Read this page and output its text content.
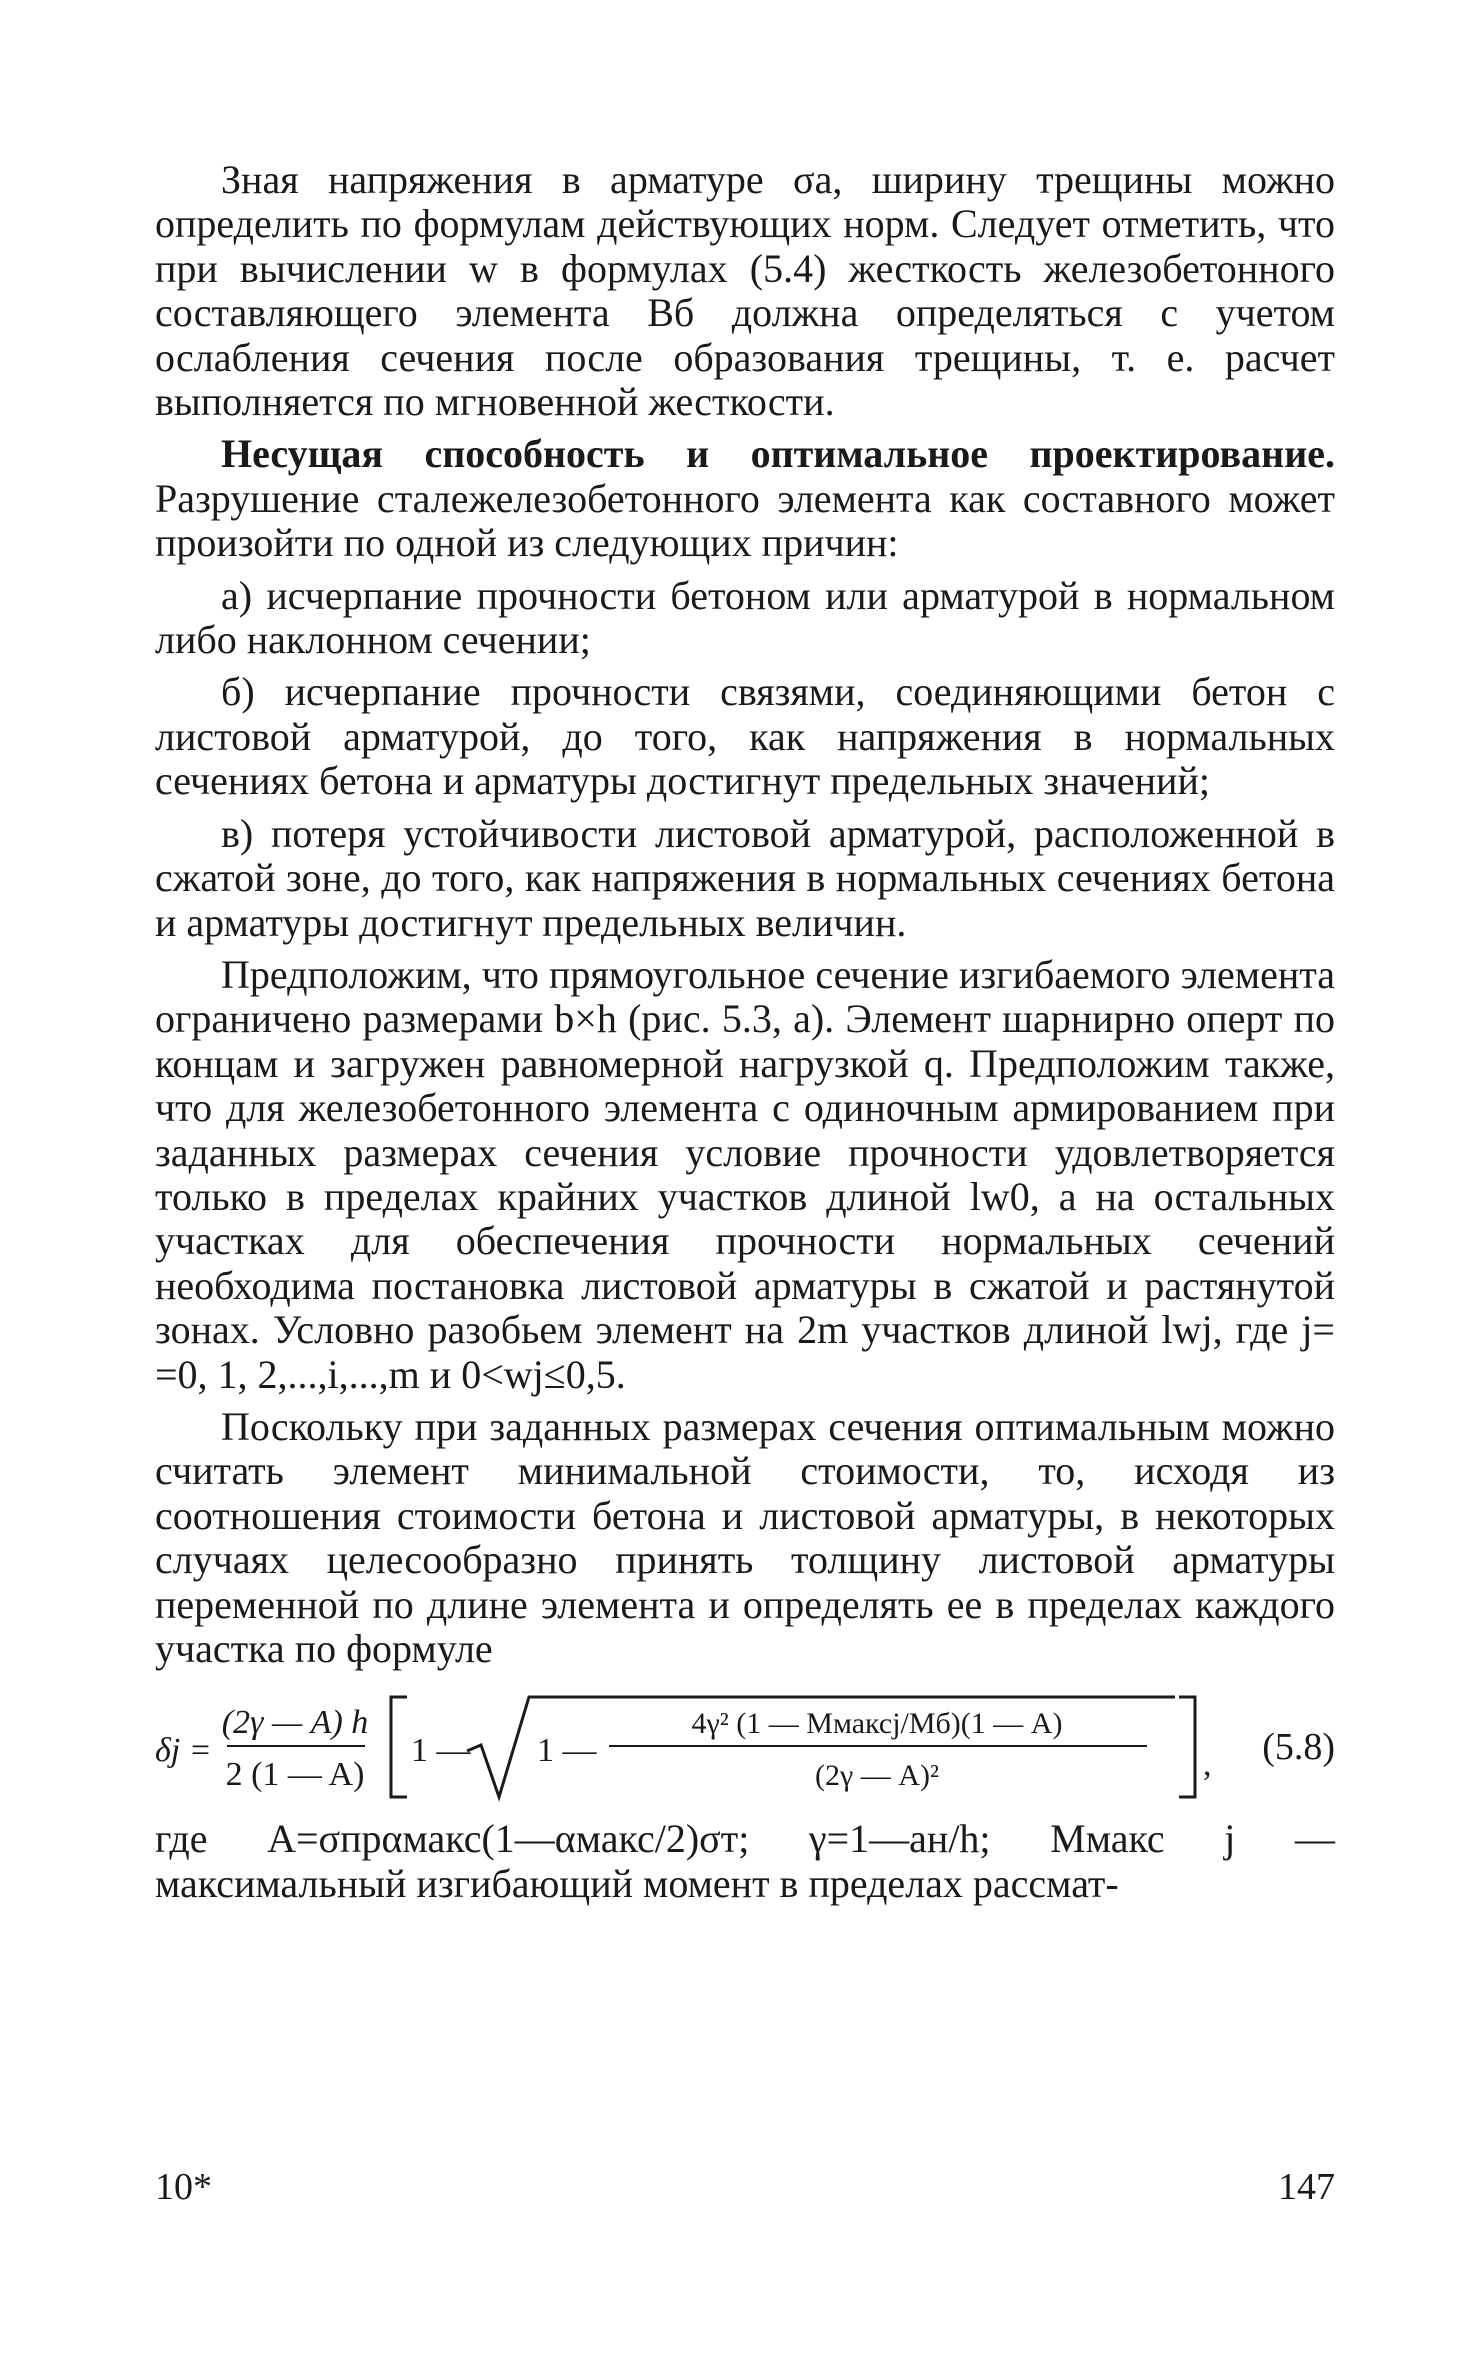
Зная напряжения в арматуре σа, ширину трещины можно определить по формулам действующих норм. Следует отметить, что при вычислении w в формулах (5.4) жесткость железобетонного составляющего элемента Bб должна определяться с учетом ослабления сечения после образования трещины, т. е. расчет выполняется по мгновенной жесткости.

Несущая способность и оптимальное проектирование. Разрушение сталежелезобетонного элемента как составного может произойти по одной из следующих причин:

а) исчерпание прочности бетоном или арматурой в нормальном либо наклонном сечении;

б) исчерпание прочности связями, соединяющими бетон с листовой арматурой, до того, как напряжения в нормальных сечениях бетона и арматуры достигнут предельных значений;

в) потеря устойчивости листовой арматурой, расположенной в сжатой зоне, до того, как напряжения в нормальных сечениях бетона и арматуры достигнут предельных величин.

Предположим, что прямоугольное сечение изгибаемого элемента ограничено размерами b×h (рис. 5.3, а). Элемент шарнирно оперт по концам и загружен равномерной нагрузкой q. Предположим также, что для железобетонного элемента с одиночным армированием при заданных размерах сечения условие прочности удовлетворяется только в пределах крайних участков длиной lw0, а на остальных участках для обеспечения прочности нормальных сечений необходима постановка листовой арматуры в сжатой и растянутой зонах. Условно разобьем элемент на 2m участков длиной lwj, где j= =0, 1, 2,...,i,...,m и 0<wj≤0,5.

Поскольку при заданных размерах сечения оптимальным можно считать элемент минимальной стоимости, то, исходя из соотношения стоимости бетона и листовой арматуры, в некоторых случаях целесообразно принять толщину листовой арматуры переменной по длине элемента и определять ее в пределах каждого участка по формуле

δj =
(2γ — A) h
2 (1 — A)
1 — 1 —
4γ² (1 — Mмаксj/Mб)(1 — A)
(2γ — A)²	, (5.8)

где A=σпрαмакс(1—αмакс/2)σт; γ=1—aн/h; Mмакс j — максимальный изгибающий момент в пределах рассмат-

10*	147
